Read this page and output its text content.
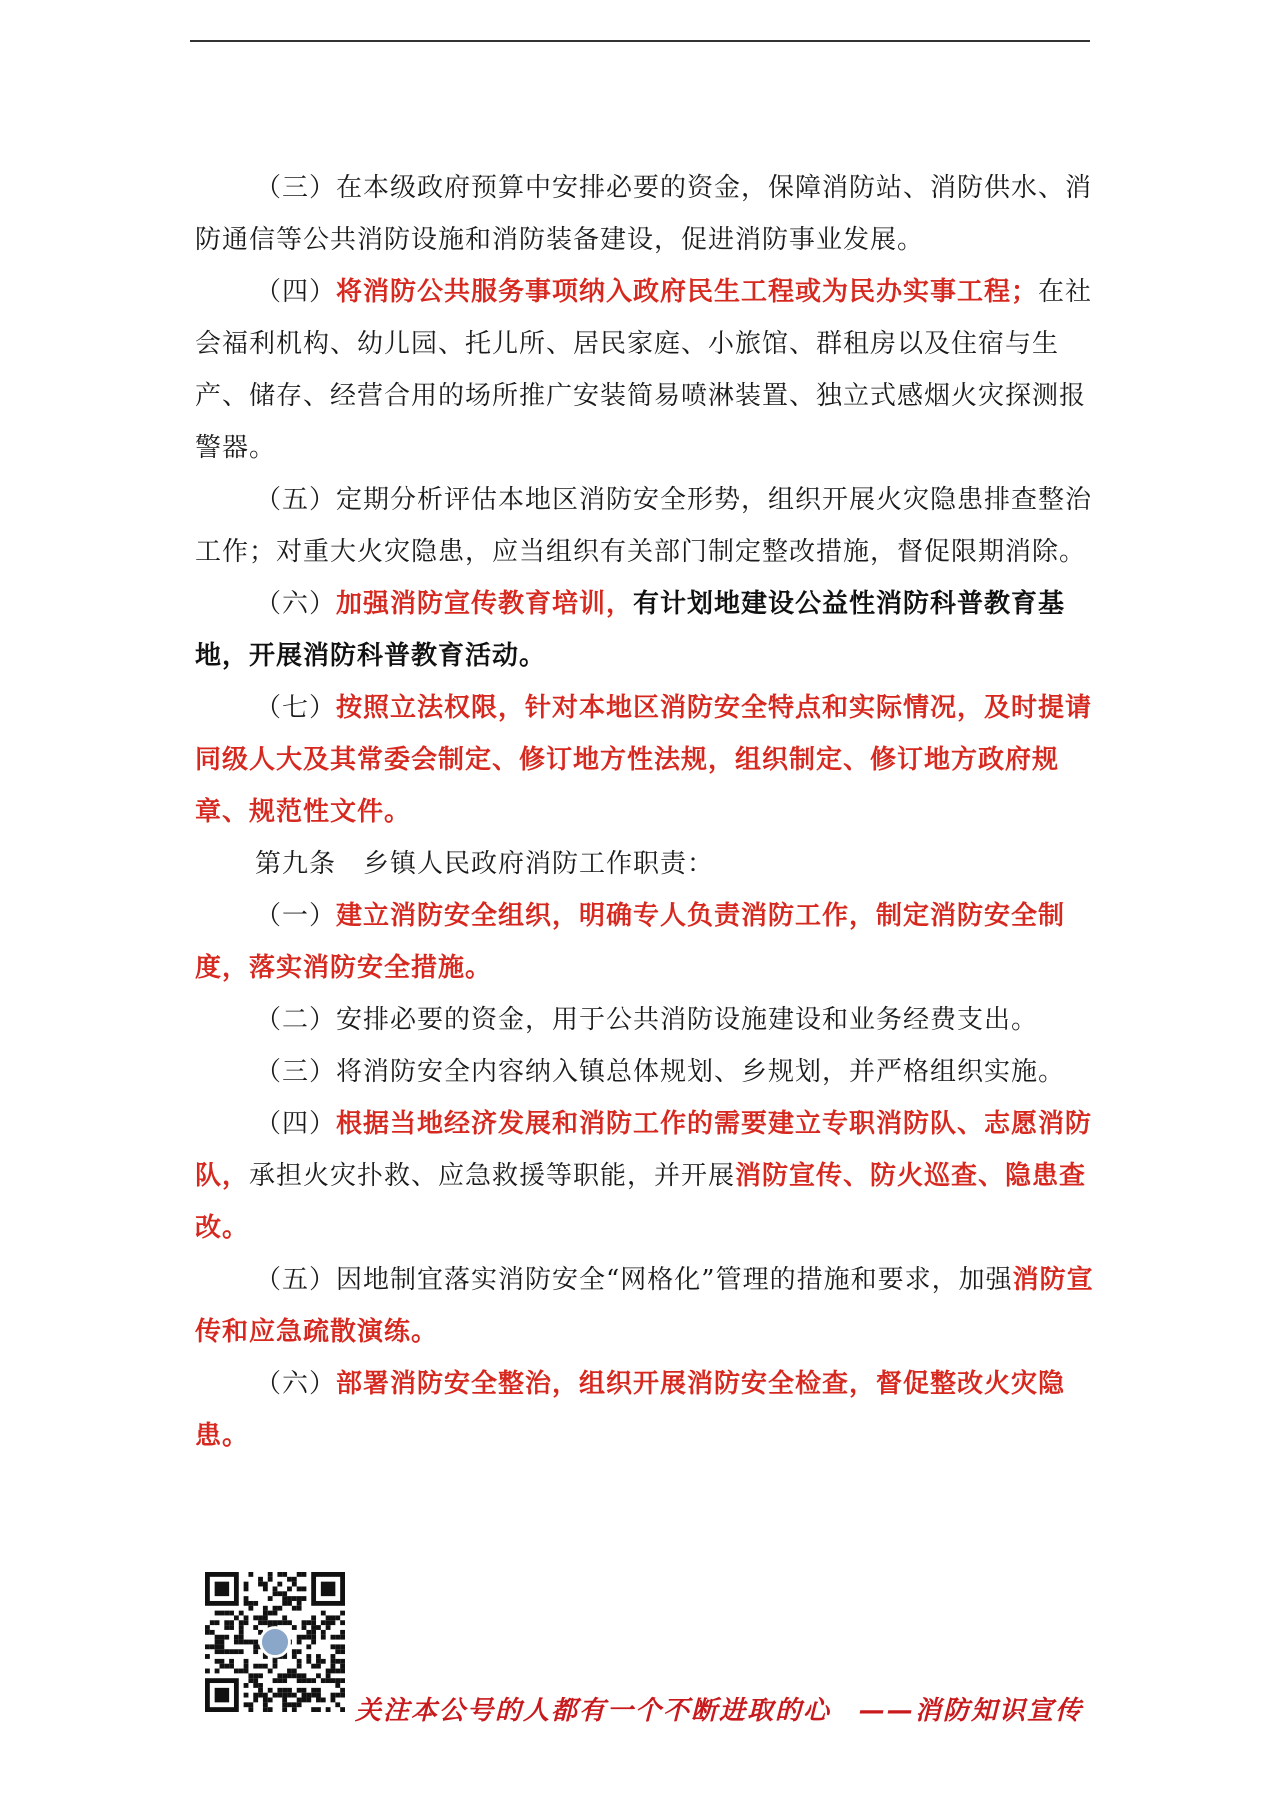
（三）在本级政府预算中安排必要的资金，保障消防站、消防供水、消防通信等公共消防设施和消防装备建设，促进消防事业发展。

（四）将消防公共服务事项纳入政府民生工程或为民办实事工程；在社会福利机构、幼儿园、托儿所、居民家庭、小旅馆、群租房以及住宿与生产、储存、经营合用的场所推广安装简易喷淋装置、独立式感烟火灾探测报警器。

（五）定期分析评估本地区消防安全形势，组织开展火灾隐患排查整治工作；对重大火灾隐患，应当组织有关部门制定整改措施，督促限期消除。

（六）加强消防宣传教育培训，有计划地建设公益性消防科普教育基地，开展消防科普教育活动。

（七）按照立法权限，针对本地区消防安全特点和实际情况，及时提请同级人大及其常委会制定、修订地方性法规，组织制定、修订地方政府规章、规范性文件。

第九条　乡镇人民政府消防工作职责：

（一）建立消防安全组织，明确专人负责消防工作，制定消防安全制度，落实消防安全措施。

（二）安排必要的资金，用于公共消防设施建设和业务经费支出。

（三）将消防安全内容纳入镇总体规划、乡规划，并严格组织实施。

（四）根据当地经济发展和消防工作的需要建立专职消防队、志愿消防队，承担火灾扑救、应急救援等职能，并开展消防宣传、防火巡查、隐患查改。

（五）因地制宜落实消防安全“网格化”管理的措施和要求，加强消防宣传和应急疏散演练。

（六）部署消防安全整治，组织开展消防安全检查，督促整改火灾隐患。

关注本公号的人都有一个不断进取的心　——消防知识宣传
